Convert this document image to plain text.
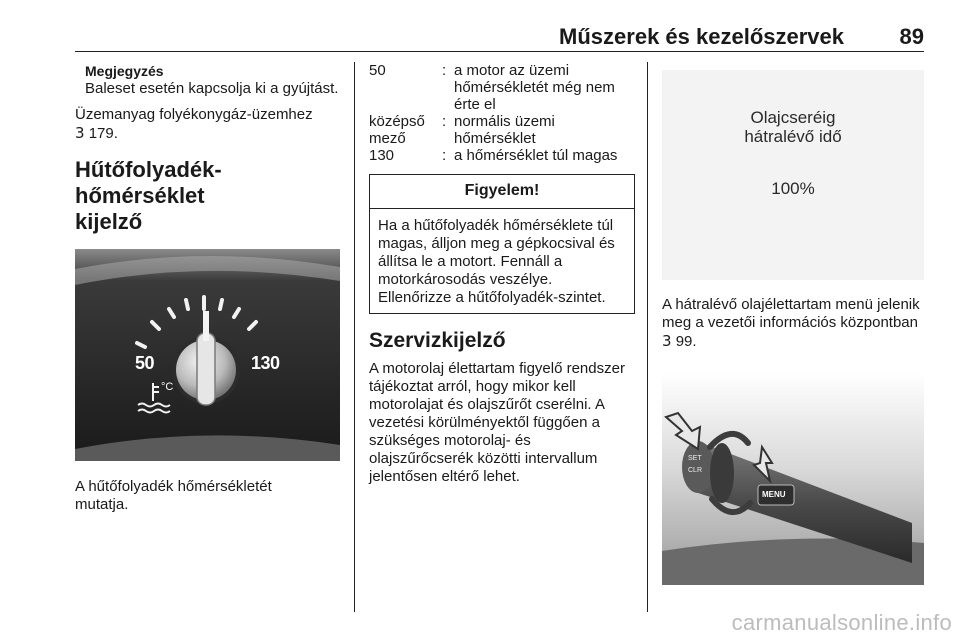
Műszerek és kezelőszervek	89

Megjegyzés

Baleset esetén kapcsolja ki a gyújtást.

Üzemanyag folyékonygáz-üzemhez
3 179.

Hűtőfolyadék-hőmérséklet
kijelző
50	130
°C

A hűtőfolyadék hőmérsékletét
mutatja.

50	:	a motor az üzemi hőmérsékletét még nem érte el
középső mező	:	normális üzemi hőmérséklet
130	:	a hőmérséklet túl magas
Figyelem!
Ha a hűtőfolyadék hőmérséklete túl magas, álljon meg a gépkocsival és állítsa le a motort. Fennáll a motorkárosodás veszélye. Ellenőrizze a hűtőfolyadék-szintet.
Szervizkijelző

A motorolaj élettartam figyelő rendszer tájékoztat arról, hogy mikor kell motorolajat és olajszűrőt cserélni. A vezetési körülményektől függően a szükséges motorolaj- és olajszűrőcserék közötti intervallum jelentősen eltérő lehet.

Olajcseréig
hátralévő idő
100%

A hátralévő olajélettartam menü jelenik meg a vezetői információs központban 3 99.

MENU
SET
CLR
carmanualsonline.info
